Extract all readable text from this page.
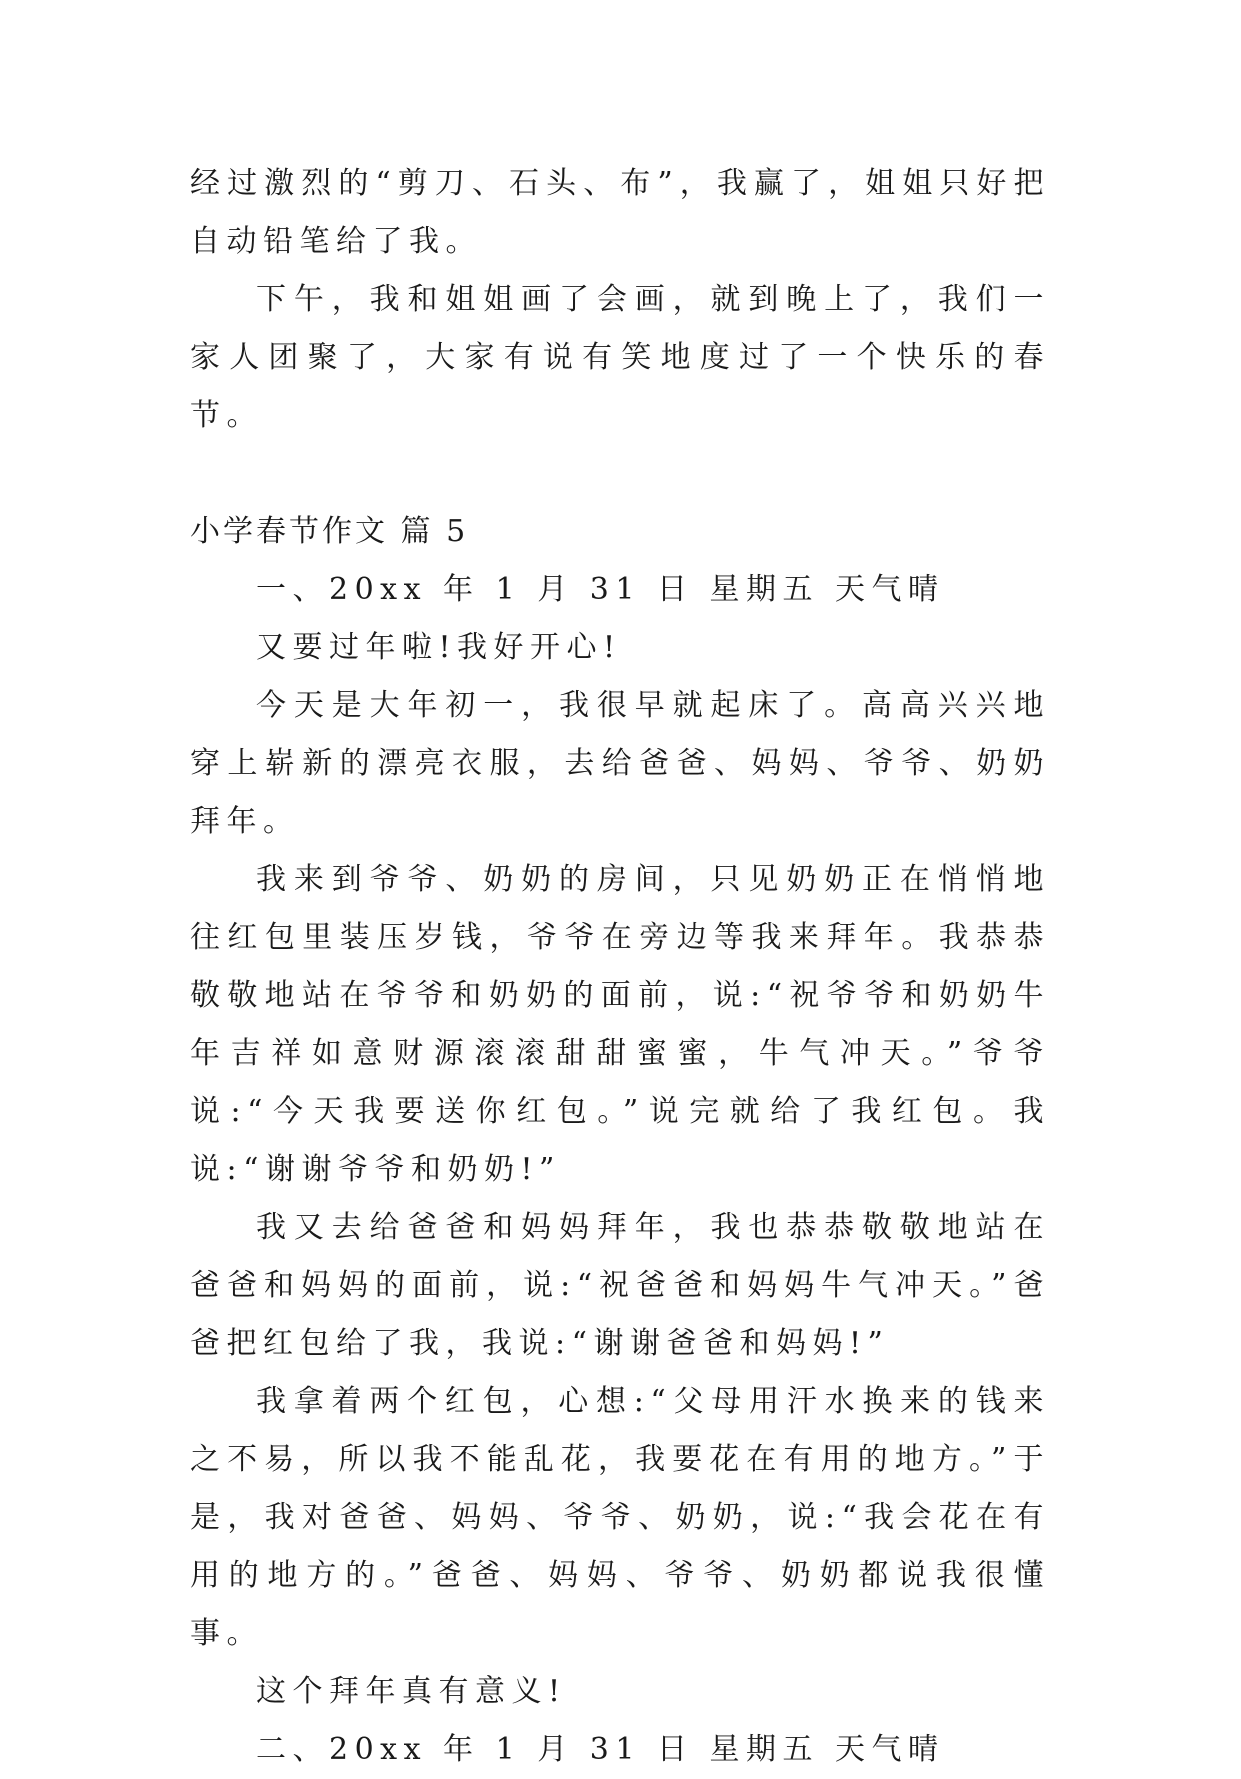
经过激烈的“剪刀、石头、布”，我赢了，姐姐只好把自动铅笔给了我。

下午，我和姐姐画了会画，就到晚上了，我们一家人团聚了，大家有说有笑地度过了一个快乐的春节。

小学春节作文 篇 5

一、20xx 年 1 月 31 日 星期五 天气晴

又要过年啦!我好开心!

今天是大年初一，我很早就起床了。高高兴兴地穿上崭新的漂亮衣服，去给爸爸、妈妈、爷爷、奶奶拜年。

我来到爷爷、奶奶的房间，只见奶奶正在悄悄地往红包里装压岁钱，爷爷在旁边等我来拜年。我恭恭敬敬地站在爷爷和奶奶的面前，说:“祝爷爷和奶奶牛年吉祥如意财源滚滚甜甜蜜蜜，牛气冲天。”爷爷说:“今天我要送你红包。”说完就给了我红包。我说:“谢谢爷爷和奶奶!”

我又去给爸爸和妈妈拜年，我也恭恭敬敬地站在爸爸和妈妈的面前，说:“祝爸爸和妈妈牛气冲天。”爸爸把红包给了我，我说:“谢谢爸爸和妈妈!”

我拿着两个红包，心想:“父母用汗水换来的钱来之不易，所以我不能乱花，我要花在有用的地方。”于是，我对爸爸、妈妈、爷爷、奶奶，说:“我会花在有用的地方的。”爸爸、妈妈、爷爷、奶奶都说我很懂事。

这个拜年真有意义!

二、20xx 年 1 月 31 日 星期五 天气晴
